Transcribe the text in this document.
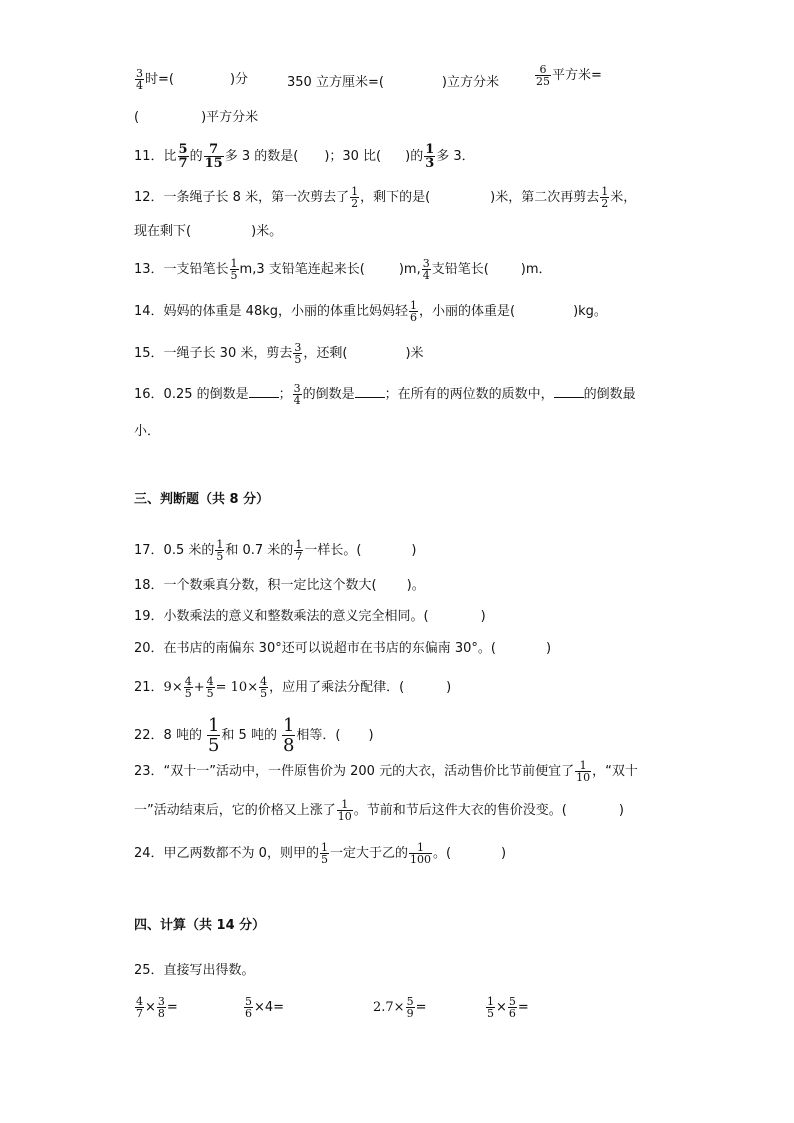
$\frac{3}{4}$ 时=(	)分	350 立方厘米=(	)立方分米	$\frac{6}{25}$ 平方米=
(	)平方分米
11．比 $\frac{5}{7}$ 的 $\frac{7}{15}$ 多 3 的数是( )；30 比( )的 $\frac{1}{3}$ 多 3．
12．一条绳子长 8 米，第一次剪去了 $\frac{1}{2}$ ，剩下的是(	)米，第二次再剪去 $\frac{1}{2}$ 米，
现在剩下(	)米。
13．一支铅笔长 $\frac{1}{5} m,3$ 支铅笔连起来长(	)m, $\frac{3}{4}$ 支铅笔长( )m．
14．妈妈的体重是 48kg，小丽的体重比妈妈轻 $\frac{1}{6}$ ，小丽的体重是(	)kg。
15．一绳子长 30 米，剪去 $\frac{3}{5}$ ，还剩(	)米
16．0.25 的倒数是 ； $\frac{3}{4}$ 的倒数是 ；在所有的两位数的质数中， 的倒数最
小．
三、判断题（共 8 分）
17．0.5 米的 $\frac{1}{5}$ 和 0.7 米的 $\frac{1}{7}$ 一样长。(	)
18．一个数乘真分数，积一定比这个数大( )。
19．小数乘法的意义和整数乘法的意义完全相同。(	)
20．在书店的南偏东 30°还可以说超市在书店的东偏南 30°。(	)
21．$9\times \frac{4}{5} + \frac{4}{5} = 10\times \frac{4}{5}$ ，应用了乘法分配律．(	)
22．8 吨的 $\frac{1}{5}$ 和 5 吨的 $\frac{1}{8}$ 相等．( )
23．“双十一”活动中，一件原售价为 200 元的大衣，活动售价比节前便宜了 $\frac{1}{10}$ ，“双十
一”活动结束后，它的价格又上涨了 $\frac{1}{10}$ 。节前和节后这件大衣的售价没变。(	)
24．甲乙两数都不为 0，则甲的 $\frac{1}{5}$ 一定大于乙的 $\frac{1}{100}$ 。(	)
四、计算（共 14 分）
25．直接写出得数。
$\frac{4}{7} \times \frac{3}{8}$ =	$\frac{5}{6} \times 4=$	$2.7\times \frac{5}{9}$ =	$\frac{1}{5} \times \frac{5}{6}$ =
